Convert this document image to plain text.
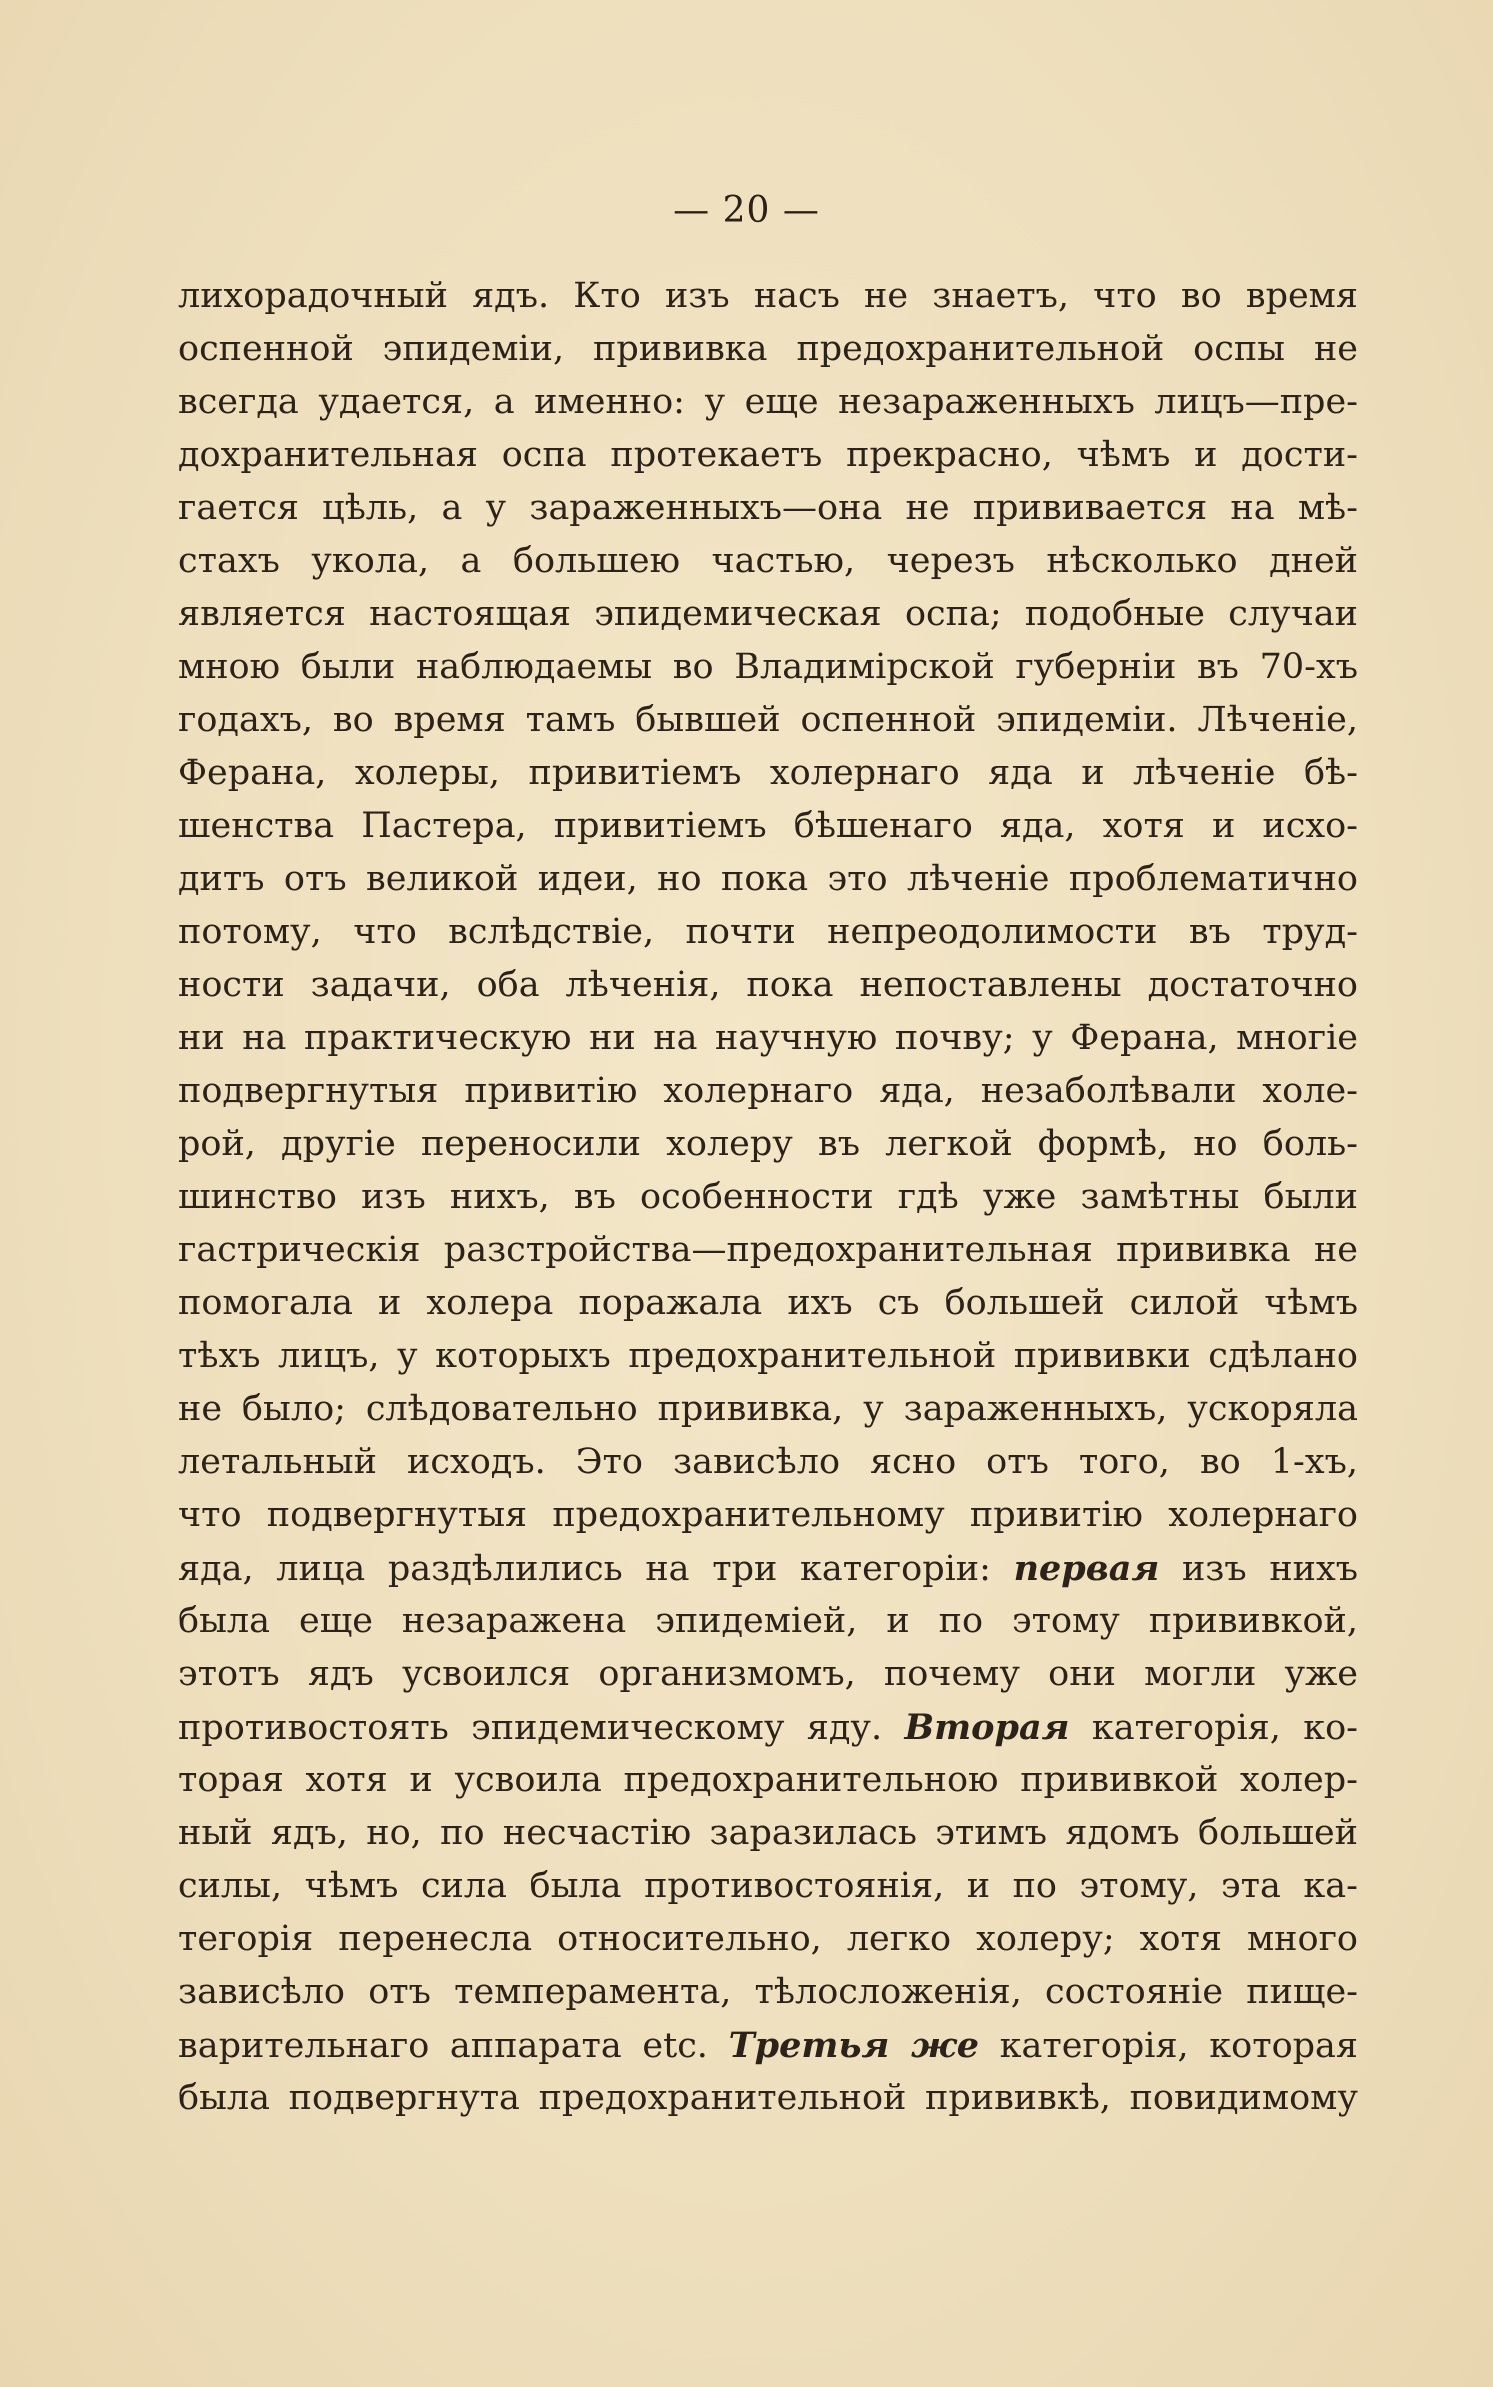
— 20 —
лихорадочный ядъ. Кто изъ насъ не знаетъ, что во время
оспенной эпидеміи, прививка предохранительной оспы не
всегда удается, а именно: у еще незараженныхъ лицъ—пре-
дохранительная оспа протекаетъ прекрасно, чѣмъ и дости-
гается цѣль, а у зараженныхъ—она не прививается на мѣ-
стахъ укола, а большею частью, черезъ нѣсколько дней
является настоящая эпидемическая оспа; подобные случаи
мною были наблюдаемы во Владимірской губерніи въ 70-хъ
годахъ, во время тамъ бывшей оспенной эпидеміи. Лѣченіе,
Ферана, холеры, привитіемъ холернаго яда и лѣченіе бѣ-
шенства Пастера, привитіемъ бѣшенаго яда, хотя и исхо-
дитъ отъ великой идеи, но пока это лѣченіе проблематично
потому, что вслѣдствіе, почти непреодолимости въ труд-
ности задачи, оба лѣченія, пока непоставлены достаточно
ни на практическую ни на научную почву; у Ферана, многіе
подвергнутыя привитію холернаго яда, незаболѣвали холе-
рой, другіе переносили холеру въ легкой формѣ, но боль-
шинство изъ нихъ, въ особенности гдѣ уже замѣтны были
гастрическія разстройства—предохранительная прививка не
помогала и холера поражала ихъ съ большей силой чѣмъ
тѣхъ лицъ, у которыхъ предохранительной прививки сдѣлано
не было; слѣдовательно прививка, у зараженныхъ, ускоряла
летальный исходъ. Это зависѣло ясно отъ того, во 1-хъ,
что подвергнутыя предохранительному привитію холернаго
яда, лица раздѣлились на три категоріи: первая изъ нихъ
была еще незаражена эпидеміей, и по этому прививкой,
этотъ ядъ усвоился организмомъ, почему они могли уже
противостоять эпидемическому яду. Вторая категорія, ко-
торая хотя и усвоила предохранительною прививкой холер-
ный ядъ, но, по несчастію заразилась этимъ ядомъ большей
силы, чѣмъ сила была противостоянія, и по этому, эта ка-
тегорія перенесла относительно, легко холеру; хотя много
зависѣло отъ темперамента, тѣлосложенія, состояніе пище-
варительнаго аппарата etc. Третья же категорія, которая
была подвергнута предохранительной прививкѣ, повидимому
